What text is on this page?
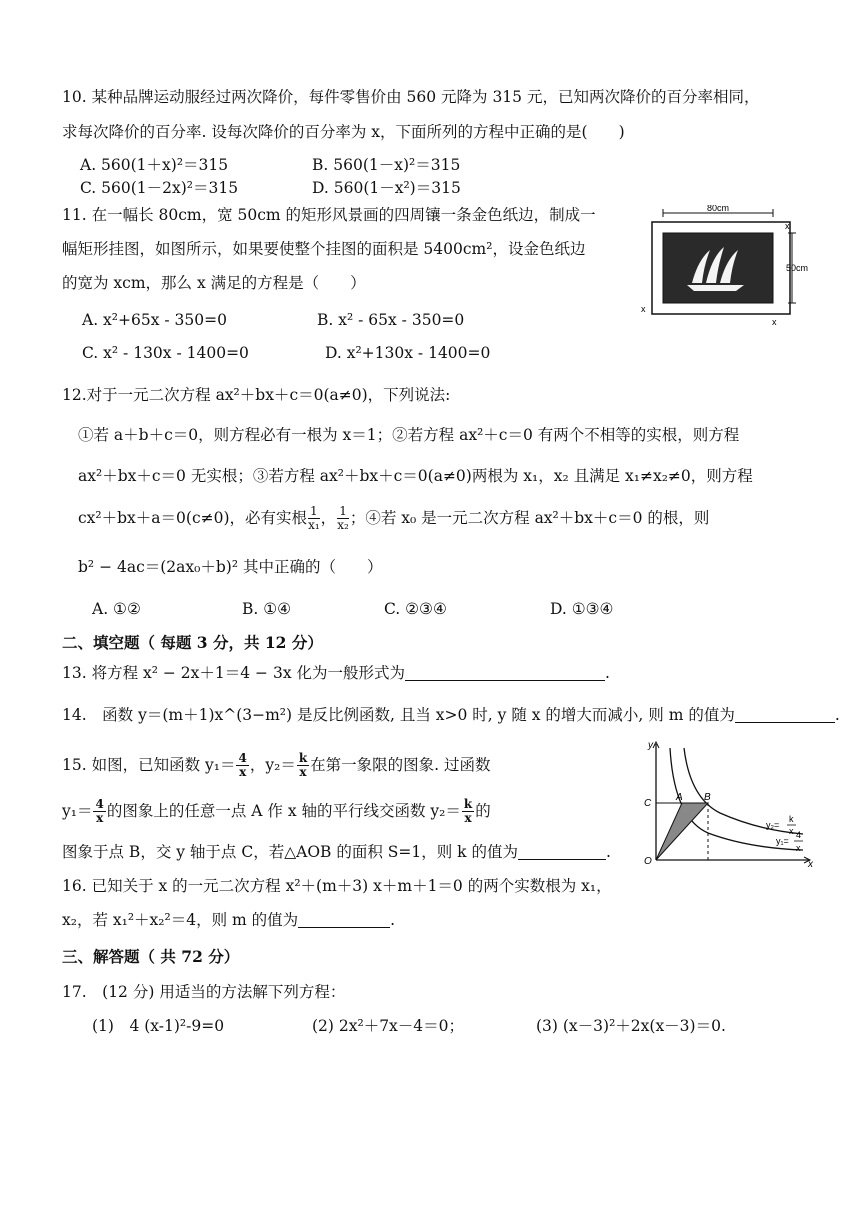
10. 某种品牌运动服经过两次降价，每件零售价由 560 元降为 315 元，已知两次降价的百分率相同，
求每次降价的百分率. 设每次降价的百分率为 x，下面所列的方程中正确的是(　　)
A. 560(1＋x)²＝315	B. 560(1－x)²＝315
C. 560(1－2x)²＝315	D. 560(1－x²)＝315
11. 在一幅长 80cm，宽 50cm 的矩形风景画的四周镶一条金色纸边，制成一
幅矩形挂图，如图所示，如果要使整个挂图的面积是 5400cm²，设金色纸边
的宽为 xcm，那么 x 满足的方程是（　　）
A. x²+65x - 350=0	B. x² - 65x - 350=0
C. x² - 130x - 1400=0	D. x²+130x - 1400=0
80cm
50cm
x
x
x
12.对于一元二次方程 ax²＋bx＋c＝0(a≠0)，下列说法:
①若 a＋b＋c＝0，则方程必有一根为 x＝1；②若方程 ax²＋c＝0 有两个不相等的实根，则方程
ax²＋bx＋c＝0 无实根；③若方程 ax²＋bx＋c＝0(a≠0)两根为 x₁，x₂ 且满足 x₁≠x₂≠0，则方程
cx²＋bx＋a＝0(c≠0)，必有实根 $\frac{1}{\text{x₁}}$ ， $\frac{1}{\text{x₂}}$ ；④若 x₀ 是一元二次方程 ax²＋bx＋c＝0 的根，则
b² − 4ac＝(2ax₀＋b)² 其中正确的（　　）
A. ①②	B. ①④	C. ②③④	D. ①③④
二、填空题（ 每题 3 分，共 12 分）
13. 将方程 x² − 2x＋1＝4 − 3x 化为一般形式为	.
14.　函数 y＝(m＋1)x^(3−m²) 是反比例函数, 且当 x>0 时, y 随 x 的增大而减小, 则 m 的值为	.
15. 如图，已知函数 $y_1= \frac{4}{x}$ ，$y_2= \frac{k}{x}$ 在第一象限的图象. 过函数
$y_1= \frac{4}{x}$ 的图象上的任意一点 A 作 x 轴的平行线交函数 $y_2= \frac{k}{x}$ 的
图象于点 B，交 y 轴于点 C，若△AOB 的面积 S=1，则 k 的值为	.
y
x
O
C
A B
y₂=
k
x
y₁=
4
x
16. 已知关于 x 的一元二次方程 x²＋(m＋3) x＋m＋1＝0 的两个实数根为 x₁，
x₂，若 x₁²＋x₂²＝4，则 m 的值为	.
三、解答题（ 共 72 分）
17.　(12 分) 用适当的方法解下列方程：
(1)　4 (x-1)²-9=0	(2) 2x²＋7x－4＝0；	(3) (x－3)²＋2x(x－3)＝0.
